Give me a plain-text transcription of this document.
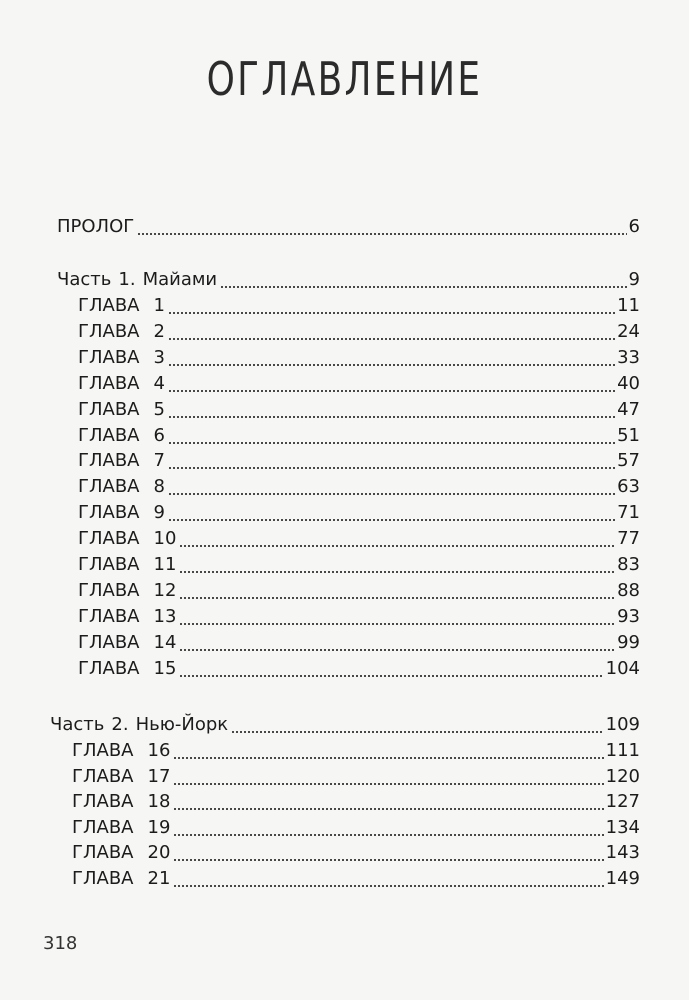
ОГЛАВЛЕНИЕ
ПРОЛОГ	6
Часть 1. Майами	9
ГЛАВА 1	11
ГЛАВА 2	24
ГЛАВА 3	33
ГЛАВА 4	40
ГЛАВА 5	47
ГЛАВА 6	51
ГЛАВА 7	57
ГЛАВА 8	63
ГЛАВА 9	71
ГЛАВА 10	77
ГЛАВА 11	83
ГЛАВА 12	88
ГЛАВА 13	93
ГЛАВА 14	99
ГЛАВА 15	104
Часть 2. Нью-Йорк	109
ГЛАВА 16	111
ГЛАВА 17	120
ГЛАВА 18	127
ГЛАВА 19	134
ГЛАВА 20	143
ГЛАВА 21	149
318
